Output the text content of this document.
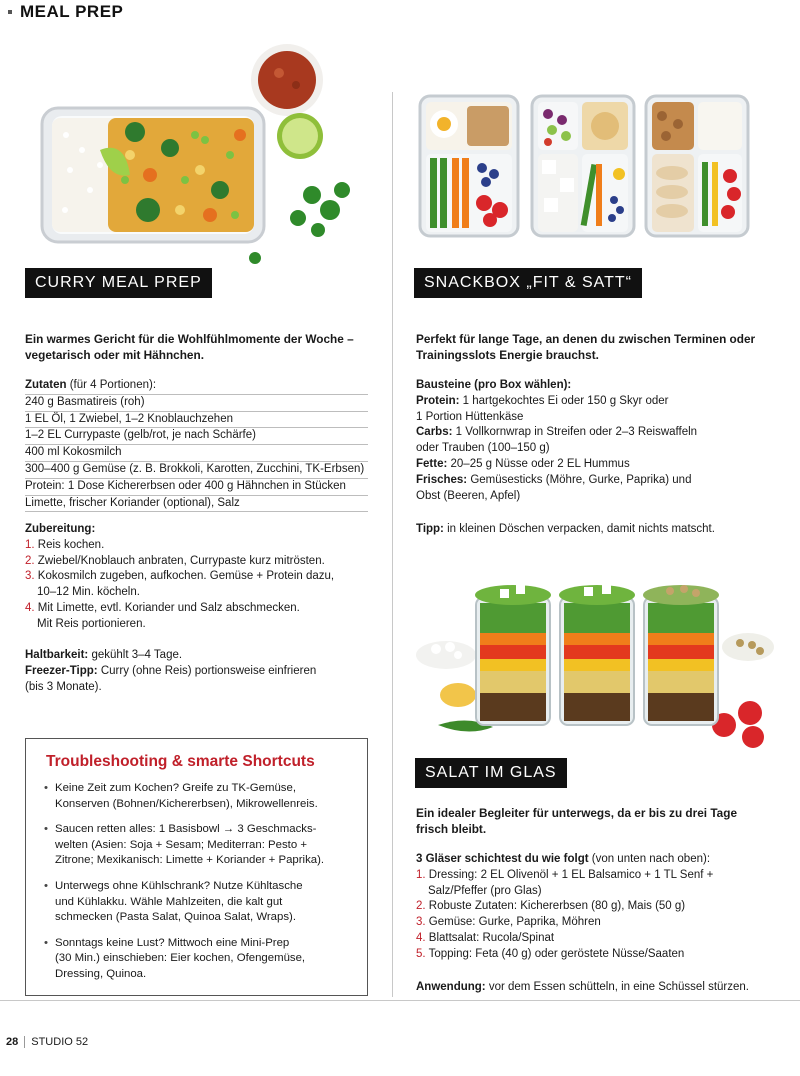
MEAL PREP
CURRY MEAL PREP
Ein warmes Gericht für die Wohlfühlmomente der Woche – vegetarisch oder mit Hähnchen.
Zutaten (für 4 Portionen):
240 g Basmatireis (roh)
1 EL Öl, 1 Zwiebel, 1–2 Knoblauchzehen
1–2 EL Currypaste (gelb/rot, je nach Schärfe)
400 ml Kokosmilch
300–400 g Gemüse (z. B. Brokkoli, Karotten, Zucchini, TK-Erbsen)
Protein: 1 Dose Kichererbsen oder 400 g Hähnchen in Stücken
Limette, frischer Koriander (optional), Salz
Zubereitung:
1. Reis kochen.
2. Zwiebel/Knoblauch anbraten, Currypaste kurz mitrösten.
3. Kokosmilch zugeben, aufkochen. Gemüse + Protein dazu,
10–12 Min. köcheln.
4. Mit Limette, evtl. Koriander und Salz abschmecken.
Mit Reis portionieren.
Haltbarkeit: gekühlt 3–4 Tage.
Freezer-Tipp: Curry (ohne Reis) portionsweise einfrieren
(bis 3 Monate).
Troubleshooting & smarte Shortcuts
• Keine Zeit zum Kochen? Greife zu TK-Gemüse,
Konserven (Bohnen/Kichererbsen), Mikrowellenreis.
• Saucen retten alles: 1 Basisbowl → 3 Geschmacks-
welten (Asien: Soja + Sesam; Mediterran: Pesto +
Zitrone; Mexikanisch: Limette + Koriander + Paprika).
• Unterwegs ohne Kühlschrank? Nutze Kühltasche
und Kühlakku. Wähle Mahlzeiten, die kalt gut
schmecken (Pasta Salat, Quinoa Salat, Wraps).
• Sonntags keine Lust? Mittwoch eine Mini-Prep
(30 Min.) einschieben: Eier kochen, Ofengemüse,
Dressing, Quinoa.
SNACKBOX „FIT & SATT“
Perfekt für lange Tage, an denen du zwischen Terminen oder Trainingsslots Energie brauchst.
Bausteine (pro Box wählen):
Protein: 1 hartgekochtes Ei oder 150 g Skyr oder
1 Portion Hüttenkäse
Carbs: 1 Vollkornwrap in Streifen oder 2–3 Reiswaffeln
oder Trauben (100–150 g)
Fette: 20–25 g Nüsse oder 2 EL Hummus
Frisches: Gemüsesticks (Möhre, Gurke, Paprika) und
Obst (Beeren, Apfel)
Tipp: in kleinen Döschen verpacken, damit nichts matscht.
SALAT IM GLAS
Ein idealer Begleiter für unterwegs, da er bis zu drei Tage frisch bleibt.
3 Gläser schichtest du wie folgt (von unten nach oben):
1. Dressing: 2 EL Olivenöl + 1 EL Balsamico + 1 TL Senf +
Salz/Pfeffer (pro Glas)
2. Robuste Zutaten: Kichererbsen (80 g), Mais (50 g)
3. Gemüse: Gurke, Paprika, Möhren
4. Blattsalat: Rucola/Spinat
5. Topping: Feta (40 g) oder geröstete Nüsse/Saaten
Anwendung: vor dem Essen schütteln, in eine Schüssel stürzen.
28 STUDIO 52
